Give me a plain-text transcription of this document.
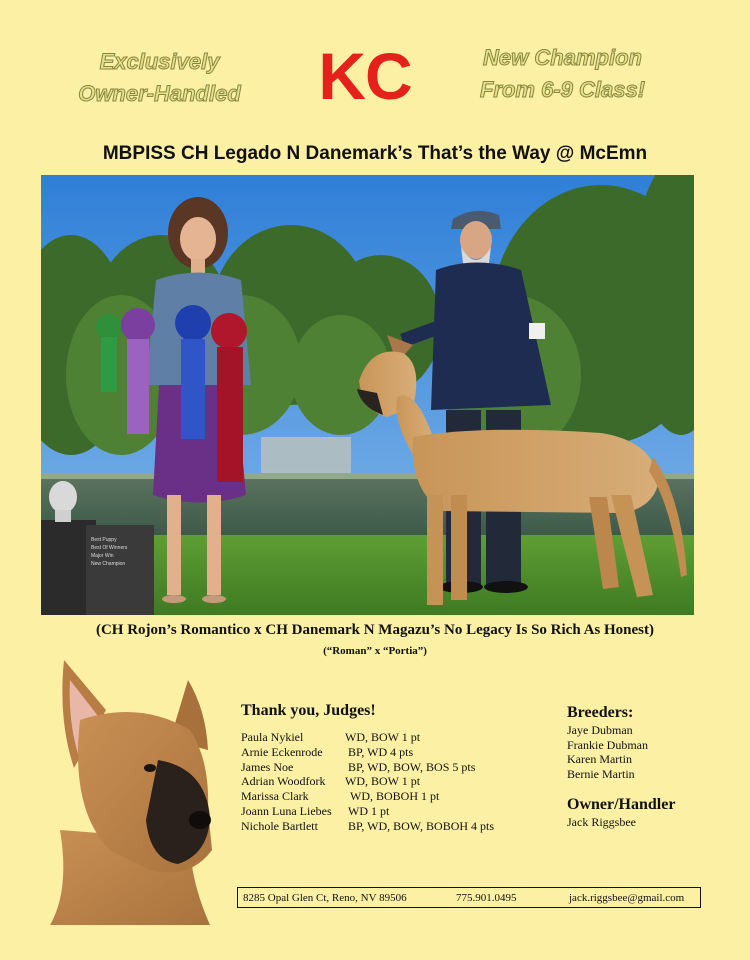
Exclusively
Owner-Handled	KC	New Champion
From 6-9 Class!
MBPISS CH Legado N Danemark’s That’s the Way @ McEmn
Best Puppy
Best Of Winners
Major Win
New Champion
(CH Rojon’s Romantico x CH Danemark N Magazu’s No Legacy Is So Rich As Honest)
(“Roman” x “Portia”)
Thank you, Judges!
Paula Nykiel	WD, BOW 1 pt
Arnie Eckenrode BP, WD 4 pts
James Noe	BP, WD, BOW, BOS 5 pts
Adrian Woodfork WD, BOW 1 pt
Marissa Clark	WD, BOBOH 1 pt
Joann Luna Liebes WD 1 pt
Nichole Bartlett	BP, WD, BOW, BOBOH 4 pts
Breeders:
Jaye Dubman
Frankie Dubman
Karen Martin
Bernie Martin
Owner/Handler
Jack Riggsbee
8285 Opal Glen Ct, Reno, NV 89506	775.901.0495	jack.riggsbee@gmail.com
